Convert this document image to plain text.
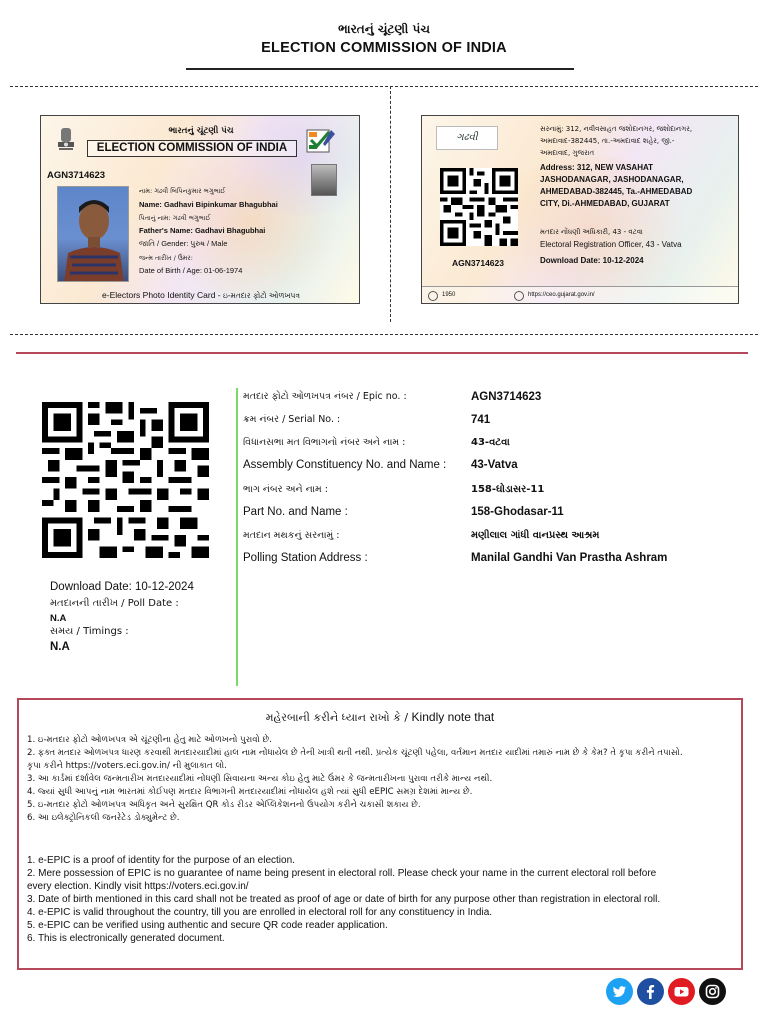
ભારતનું ચૂંટણી પંચ
ELECTION COMMISSION OF INDIA
ભારતનું ચૂંટણી પંચ
ELECTION COMMISSION OF INDIA
AGN3714623
નામ: ગઢવી બિપિનકુમાર ભગુભાઈ
Name: Gadhavi Bipinkumar Bhagubhai
પિતાનું નામ: ગઢવી ભગુભાઈ
Father's Name: Gadhavi Bhagubhai
જાતિ / Gender: પુરુષ / Male
જન્મ તારીખ / ઉંમર:
Date of Birth / Age: 01-06-1974
e-Electors Photo Identity Card - ઇ-મતદાર ફોટો ઓળખપત્ર
ગઢવી
AGN3714623
સરનામું: 312, નવીવસાહત જશોદાનગર, જશોદાનગર,
અમદાવાદ-382445, તા.-અમદાવાદ શહેર, જી.-
અમદાવાદ, ગુજરાત
Address: 312, NEW VASAHAT
JASHODANAGAR, JASHODANAGAR,
AHMEDABAD-382445, Ta.-AHMEDABAD
CITY, Di.-AHMEDABAD, GUJARAT
મતદાર નોંધણી અધિકારી, 43 - વટવા
Electoral Registration Officer, 43 - Vatva
Download Date: 10-12-2024
1950	https://ceo.gujarat.gov.in/
Download Date: 10-12-2024
મતદાનની તારીખ / Poll Date :
N.A
સમય / Timings :
N.A
મતદાર ફોટો ઓળખપત્ર નંબર / Epic no. :	AGN3714623
ક્રમ નંબર / Serial No. :	741
વિધાનસભા મત વિભાગનો નંબર અને નામ :	43-વટવા
Assembly Constituency No. and Name : 43-Vatva
ભાગ નંબર અને નામ :	158-ઘોડાસર-11
Part No. and Name :	158-Ghodasar-11
મતદાન મથકનું સરનામું :	મણીલાલ ગાંધી વાનપ્રસ્થ આશ્રમ
Polling Station Address :	Manilal Gandhi Van Prastha Ashram
મહેરબાની કરીને ધ્યાન રાખો કે / Kindly note that
1. ઇ-મતદાર ફોટો ઓળખપત્ર એ ચૂંટણીના હેતુ માટે ઓળખનો પુરાવો છે.
2. ફક્ત મતદાર ઓળખપત્ર ધારણ કરવાથી મતદારયાદીમાં હાલ નામ નોંધાયેલ છે તેની ખાત્રી થતી નથી. પ્રત્યેક ચૂંટણી પહેલા, વર્તમાન મતદાર યાદીમાં તમારું નામ છે કે કેમ? તે કૃપા કરીને તપાસો.
કૃપા કરીને https://voters.eci.gov.in/ ની મુલાકાત લો.
3. આ કાર્ડમાં દર્શાવેલ જન્મતારીખ મતદારયાદીમાં નોંધણી સિવાયના અન્ય કોઇ હેતુ માટે ઉંમર કે જન્મતારીખના પુરાવા તરીકે માન્ય નથી.
4. જ્યાં સુધી આપનું નામ ભારતમાં કોઈપણ મતદાર વિભાગની મતદારયાદીમાં નોંધાયેલ હશે ત્યાં સુધી eEPIC સમગ્ર દેશમાં માન્ય છે.
5. ઇ-મતદાર ફોટો ઓળખપત્ર અધિકૃત અને સુરક્ષિત QR કોડ રીડર એપ્લિકેશનનો ઉપયોગ કરીને ચકાસી શકાય છે.
6. આ ઇલેક્ટ્રોનિકલી જનરેટેડ ડોક્યુમેન્ટ છે.
1. e-EPIC is a proof of identity for the purpose of an election.
2. Mere possession of EPIC is no guarantee of name being present in electoral roll. Please check your name in the current electoral roll before
every election. Kindly visit https://voters.eci.gov.in/
3. Date of birth mentioned in this card shall not be treated as proof of age or date of birth for any purpose other than registration in electoral roll.
4. e-EPIC is valid throughout the country, till you are enrolled in electoral roll for any constituency in India.
5. e-EPIC can be verified using authentic and secure QR code reader application.
6. This is electronically generated document.
